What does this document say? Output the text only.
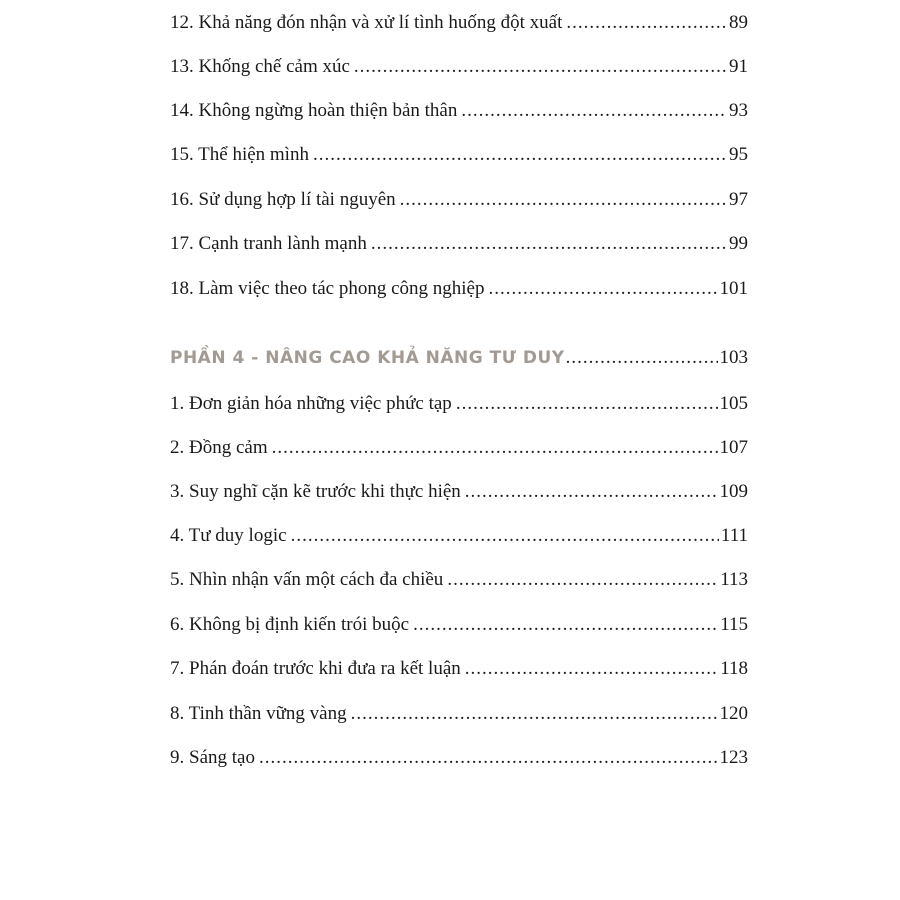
12. Khả năng đón nhận và xử lí tình huống đột xuất .....	89
13. Khống chế cảm xúc .....	91
14. Không ngừng hoàn thiện bản thân .....	93
15. Thể hiện mình .....	95
16. Sử dụng hợp lí tài nguyên .....	97
17. Cạnh tranh lành mạnh .....	99
18. Làm việc theo tác phong công nghiệp .....	101
PHẦN 4 - NÂNG CAO KHẢ NĂNG TƯ DUY .....	103
1. Đơn giản hóa những việc phức tạp .....	105
2. Đồng cảm .....	107
3. Suy nghĩ cặn kẽ trước khi thực hiện .....	109
4. Tư duy logic .....	111
5. Nhìn nhận vấn một cách đa chiều .....	113
6. Không bị định kiến trói buộc .....	115
7. Phán đoán trước khi đưa ra kết luận .....	118
8. Tinh thần vững vàng .....	120
9. Sáng tạo .....	123
